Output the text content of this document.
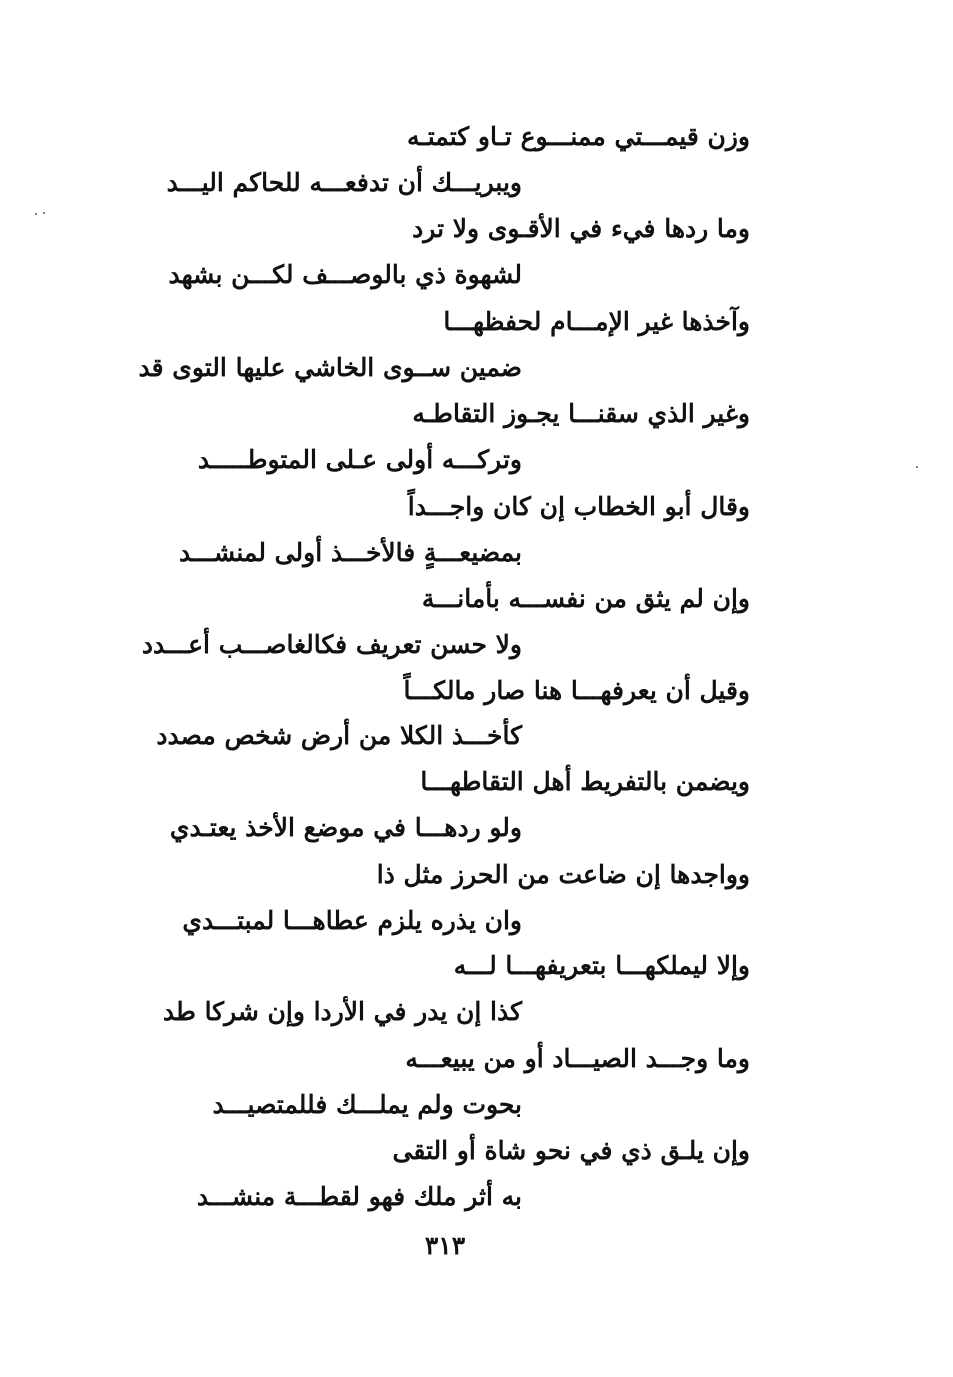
وزن قيمـــتي ممنـــوع تـاو كتمتـه
ويبريـــك أن تدفعـــه للحاكم اليـــد
وما ردها فيء في الأقـوى ولا ترد
لشهوة ذي بالوصـــف لكـــن بشهد
وآخذها غير الإمـــام لحفظهـــا
ضمين ســوى الخاشي عليها التوى قد
وغير الذي سقنـــا يجـوز التقاطـه
وتركـــه أولى عـلى المتوطـــــد
وقال أبو الخطاب إن كان واجـــداً
بمضيعـــةٍ فالأخـــذ أولى لمنشـــد
وإن لم يثق من نفســـه بأمانـــة
ولا حسن تعريف فكالغاصـــب أعـــدد
وقيل أن يعرفهـــا هنا صار مالكـــاً
كأخـــذ الكلا من أرض شخص مصدد
ويضمن بالتفريط أهل التقاطهـــا
ولو ردهـــا في موضع الأخذ يعتـدي
وواجدها إن ضاعت من الحرز مثل ذا
وان يذره يلزم عطاهـــا لمبتـــدي
وإلا ليملكهـــا بتعريفهـــا لـــه
كذا إن يدر في الأردا وإن شركا طد
وما وجـــد الصيـــاد أو من يبيعـــه
بحوت ولم يملـــك فللمتصيـــد
وإن يلـق ذي في نحو شاة أو التقى
به أثر ملك فهو لقطـــة منشـــد
٣١٣
